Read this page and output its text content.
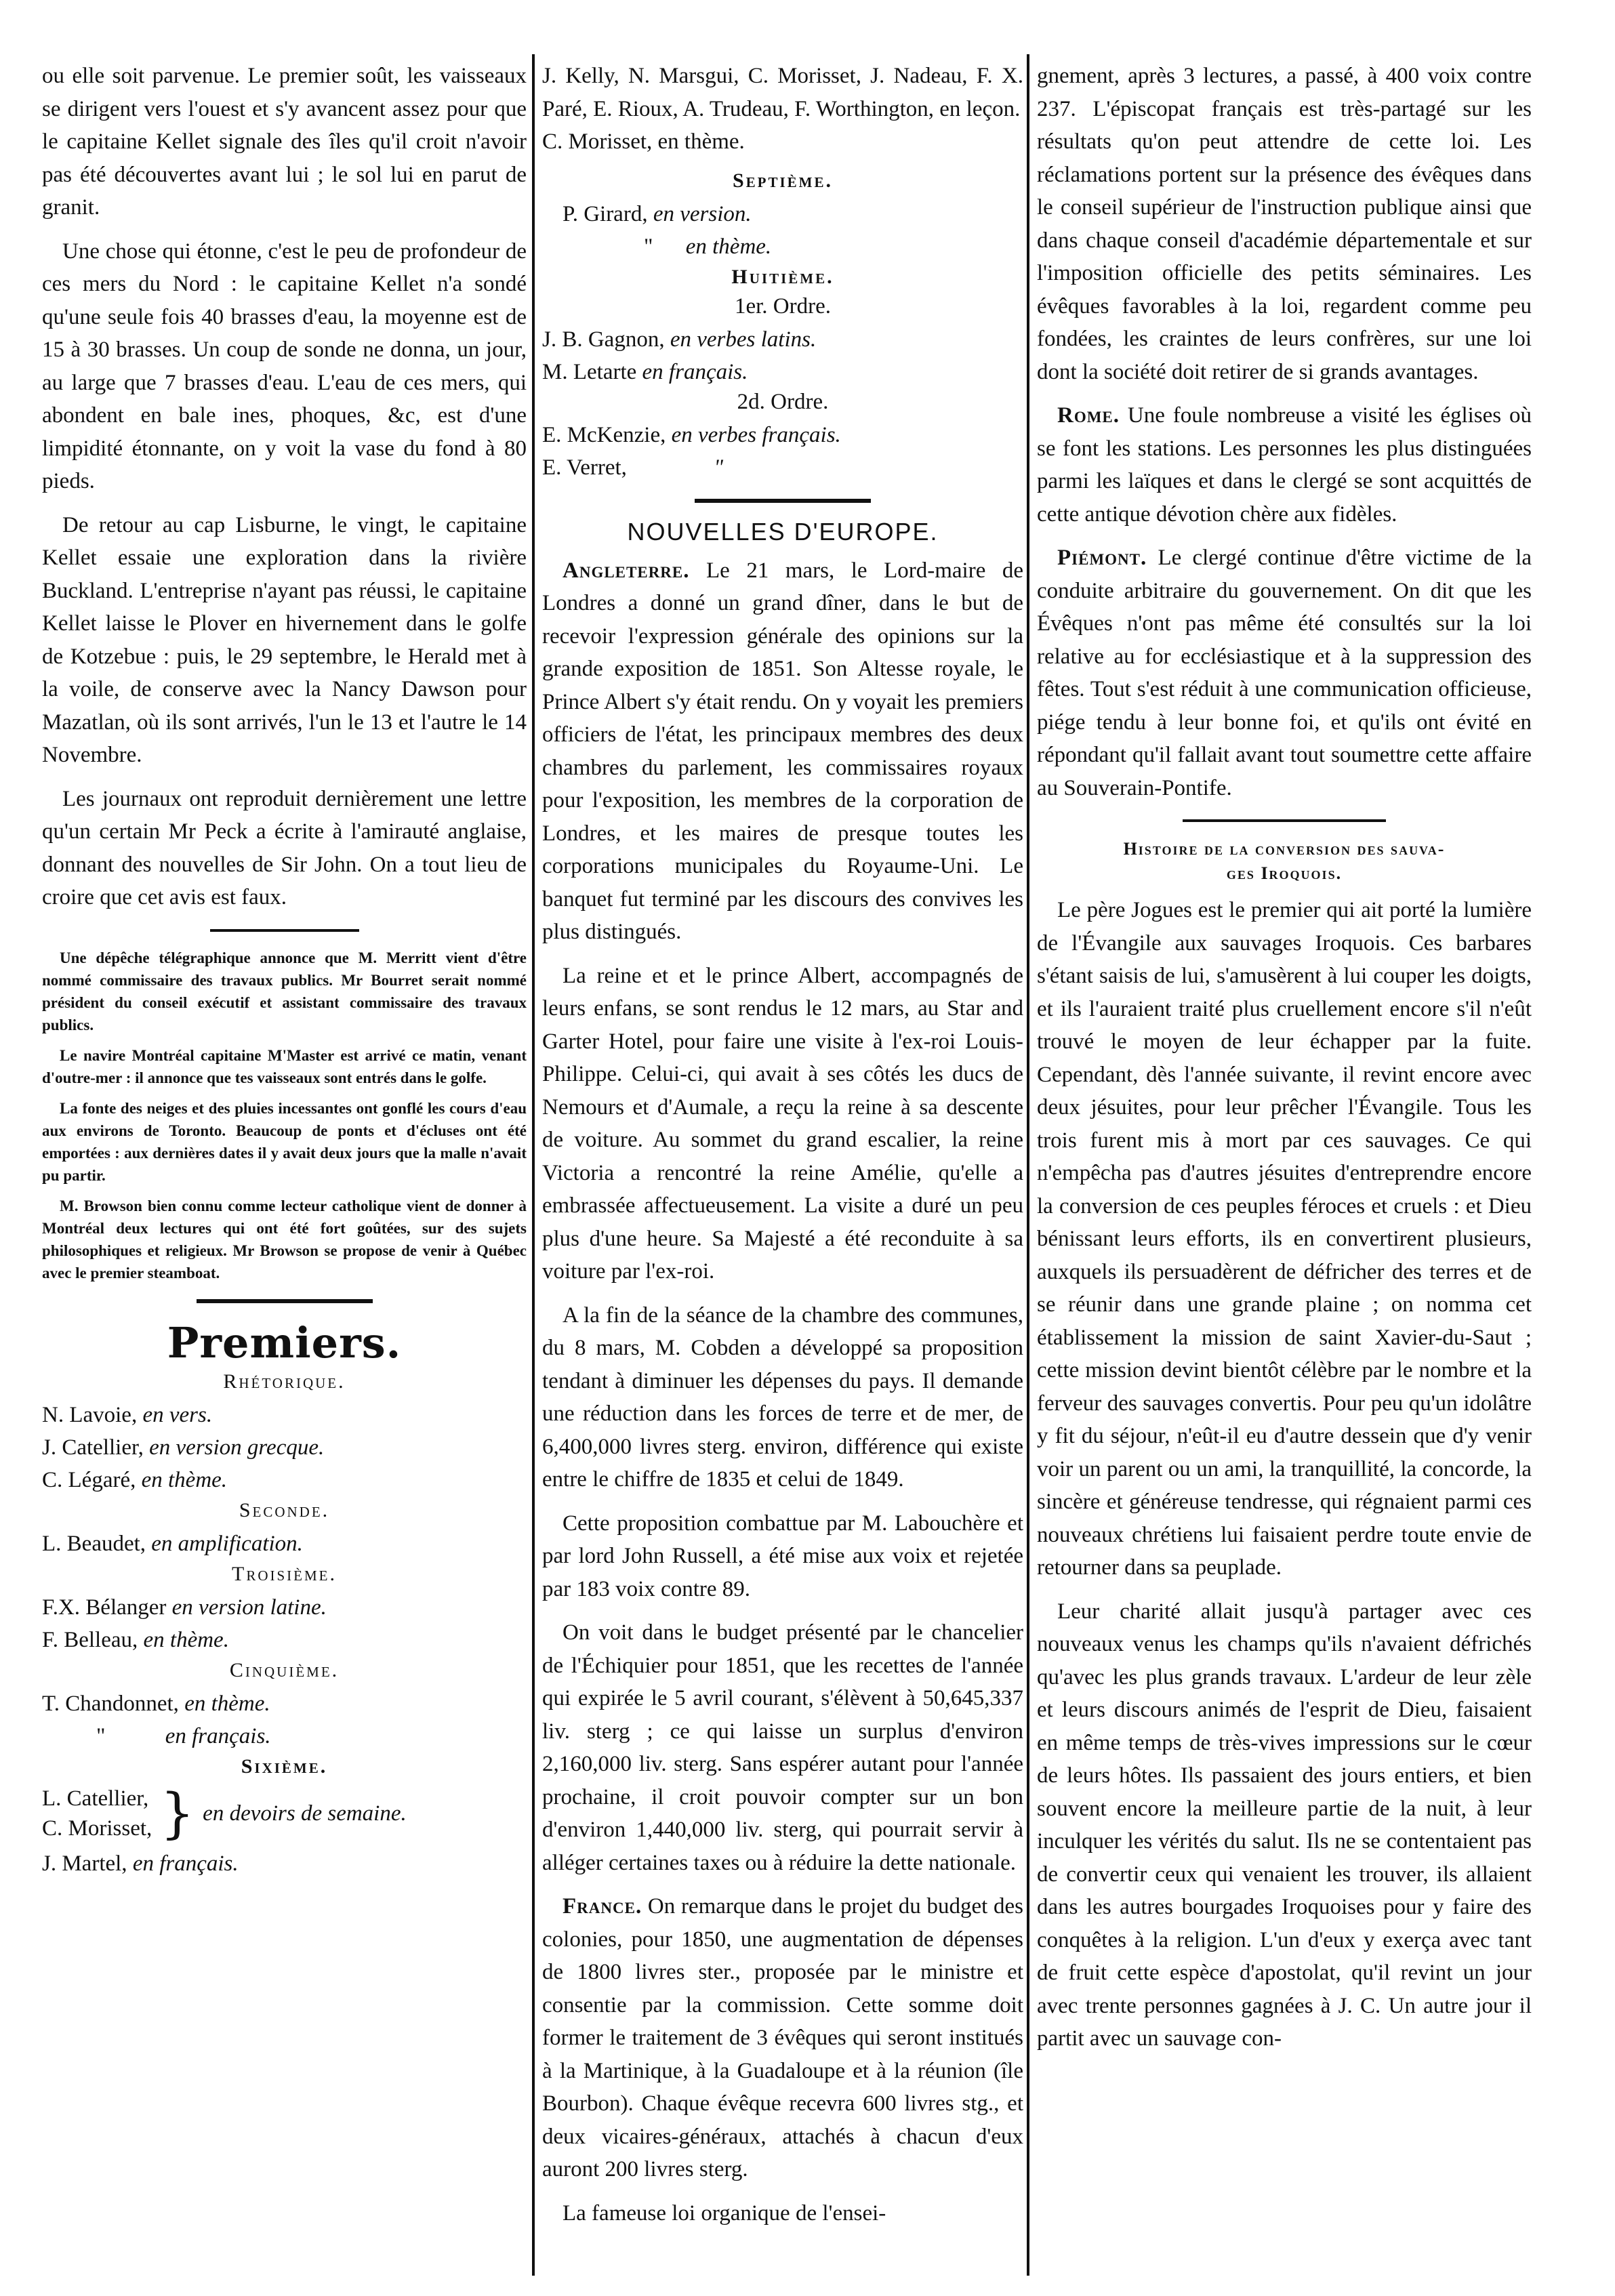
ou elle soit parvenue. Le premier soût, les vaisseaux se dirigent vers l'ouest et s'y avancent assez pour que le capitaine Kellet signale des îles qu'il croit n'avoir pas été découvertes avant lui ; le sol lui en parut de granit.

Une chose qui étonne, c'est le peu de profondeur de ces mers du Nord : le capitaine Kellet n'a sondé qu'une seule fois 40 brasses d'eau, la moyenne est de 15 à 30 brasses. Un coup de sonde ne donna, un jour, au large que 7 brasses d'eau. L'eau de ces mers, qui abondent en bale ines, phoques, &c, est d'une limpidité étonnante, on y voit la vase du fond à 80 pieds.

De retour au cap Lisburne, le vingt, le capitaine Kellet essaie une exploration dans la rivière Buckland. L'entreprise n'ayant pas réussi, le capitaine Kellet laisse le Plover en hivernement dans le golfe de Kotzebue : puis, le 29 septembre, le Herald met à la voile, de conserve avec la Nancy Dawson pour Mazatlan, où ils sont arrivés, l'un le 13 et l'autre le 14 Novembre.

Les journaux ont reproduit dernièrement une lettre qu'un certain Mr Peck a écrite à l'amirauté anglaise, donnant des nouvelles de Sir John. On a tout lieu de croire que cet avis est faux.

Une dépêche télégraphique annonce que M. Merritt vient d'être nommé commissaire des travaux publics. Mr Bourret serait nommé président du conseil exécutif et assistant commissaire des travaux publics.

Le navire Montréal capitaine M'Master est arrivé ce matin, venant d'outre-mer : il annonce que tes vaisseaux sont entrés dans le golfe.

La fonte des neiges et des pluies incessantes ont gonflé les cours d'eau aux environs de Toronto. Beaucoup de ponts et d'écluses ont été emportées : aux dernières dates il y avait deux jours que la malle n'avait pu partir.

M. Browson bien connu comme lecteur catholique vient de donner à Montréal deux lectures qui ont été fort goûtées, sur des sujets philosophiques et religieux. Mr Browson se propose de venir à Québec avec le premier steamboat.

Premiers.
Rhétorique.
N. Lavoie, en vers.
J. Catellier, en version grecque.
C. Légaré, en thème.
Seconde.
L. Beaudet, en amplification.
Troisième.
F.X. Bélanger en version latine.
F. Belleau, en thème.
Cinquième.
T. Chandonnet, en thème.
"	en français.
Sixième.
L. Catellier,
C. Morisset, } en devoirs de semaine.
J. Martel, en français.

J. Kelly, N. Marsgui, C. Morisset, J. Nadeau, F. X. Paré, E. Rioux, A. Trudeau, F. Worthington, en leçon.

C. Morisset, en thème.

Septième.
P. Girard, en version.
" en thème.
Huitième.
1er. Ordre.
J. B. Gagnon, en verbes latins.
M. Letarte en français.
2d. Ordre.
E. McKenzie, en verbes français.
E. Verret,	"
NOUVELLES D'EUROPE.

Angleterre. Le 21 mars, le Lord-maire de Londres a donné un grand dîner, dans le but de recevoir l'expression générale des opinions sur la grande exposition de 1851. Son Altesse royale, le Prince Albert s'y était rendu. On y voyait les premiers officiers de l'état, les principaux membres des deux chambres du parlement, les commissaires royaux pour l'exposition, les membres de la corporation de Londres, et les maires de presque toutes les corporations municipales du Royaume-Uni. Le banquet fut terminé par les discours des convives les plus distingués.

La reine et et le prince Albert, accompagnés de leurs enfans, se sont rendus le 12 mars, au Star and Garter Hotel, pour faire une visite à l'ex-roi Louis-Philippe. Celui-ci, qui avait à ses côtés les ducs de Nemours et d'Aumale, a reçu la reine à sa descente de voiture. Au sommet du grand escalier, la reine Victoria a rencontré la reine Amélie, qu'elle a embrassée affectueusement. La visite a duré un peu plus d'une heure. Sa Majesté a été reconduite à sa voiture par l'ex-roi.

A la fin de la séance de la chambre des communes, du 8 mars, M. Cobden a développé sa proposition tendant à diminuer les dépenses du pays. Il demande une réduction dans les forces de terre et de mer, de 6,400,000 livres sterg. environ, différence qui existe entre le chiffre de 1835 et celui de 1849.

Cette proposition combattue par M. Labouchère et par lord John Russell, a été mise aux voix et rejetée par 183 voix contre 89.

On voit dans le budget présenté par le chancelier de l'Échiquier pour 1851, que les recettes de l'année qui expirée le 5 avril courant, s'élèvent à 50,645,337 liv. sterg ; ce qui laisse un surplus d'environ 2,160,000 liv. sterg. Sans espérer autant pour l'année prochaine, il croit pouvoir compter sur un bon d'environ 1,440,000 liv. sterg, qui pourrait servir à alléger certaines taxes ou à réduire la dette nationale.

France. On remarque dans le projet du budget des colonies, pour 1850, une augmentation de dépenses de 1800 livres ster., proposée par le ministre et consentie par la commission. Cette somme doit former le traitement de 3 évêques qui seront institués à la Martinique, à la Guadaloupe et à la réunion (île Bourbon). Chaque évêque recevra 600 livres stg., et deux vicaires-généraux, attachés à chacun d'eux auront 200 livres sterg.

La fameuse loi organique de l'ensei-

gnement, après 3 lectures, a passé, à 400 voix contre 237. L'épiscopat français est très-partagé sur les résultats qu'on peut attendre de cette loi. Les réclamations portent sur la présence des évêques dans le conseil supérieur de l'instruction publique ainsi que dans chaque conseil d'académie départementale et sur l'imposition officielle des petits séminaires. Les évêques favorables à la loi, regardent comme peu fondées, les craintes de leurs confrères, sur une loi dont la société doit retirer de si grands avantages.

Rome. Une foule nombreuse a visité les églises où se font les stations. Les personnes les plus distinguées parmi les laïques et dans le clergé se sont acquittés de cette antique dévotion chère aux fidèles.

Piémont. Le clergé continue d'être victime de la conduite arbitraire du gouvernement. On dit que les Évêques n'ont pas même été consultés sur la loi relative au for ecclésiastique et à la suppression des fêtes. Tout s'est réduit à une communication officieuse, piége tendu à leur bonne foi, et qu'ils ont évité en répondant qu'il fallait avant tout soumettre cette affaire au Souverain-Pontife.

Histoire de la conversion des sauva-
ges Iroquois.

Le père Jogues est le premier qui ait porté la lumière de l'Évangile aux sauvages Iroquois. Ces barbares s'étant saisis de lui, s'amusèrent à lui couper les doigts, et ils l'auraient traité plus cruellement encore s'il n'eût trouvé le moyen de leur échapper par la fuite. Cependant, dès l'année suivante, il revint encore avec deux jésuites, pour leur prêcher l'Évangile. Tous les trois furent mis à mort par ces sauvages. Ce qui n'empêcha pas d'autres jésuites d'entreprendre encore la conversion de ces peuples féroces et cruels : et Dieu bénissant leurs efforts, ils en convertirent plusieurs, auxquels ils persuadèrent de défricher des terres et de se réunir dans une grande plaine ; on nomma cet établissement la mission de saint Xavier-du-Saut ; cette mission devint bientôt célèbre par le nombre et la ferveur des sauvages convertis. Pour peu qu'un idolâtre y fit du séjour, n'eût-il eu d'autre dessein que d'y venir voir un parent ou un ami, la tranquillité, la concorde, la sincère et généreuse tendresse, qui régnaient parmi ces nouveaux chrétiens lui faisaient perdre toute envie de retourner dans sa peuplade.

Leur charité allait jusqu'à partager avec ces nouveaux venus les champs qu'ils n'avaient défrichés qu'avec les plus grands travaux. L'ardeur de leur zèle et leurs discours animés de l'esprit de Dieu, faisaient en même temps de très-vives impressions sur le cœur de leurs hôtes. Ils passaient des jours entiers, et bien souvent encore la meilleure partie de la nuit, à leur inculquer les vérités du salut. Ils ne se contentaient pas de convertir ceux qui venaient les trouver, ils allaient dans les autres bourgades Iroquoises pour y faire des conquêtes à la religion. L'un d'eux y exerça avec tant de fruit cette espèce d'apostolat, qu'il revint un jour avec trente personnes gagnées à J. C. Un autre jour il partit avec un sauvage con-
